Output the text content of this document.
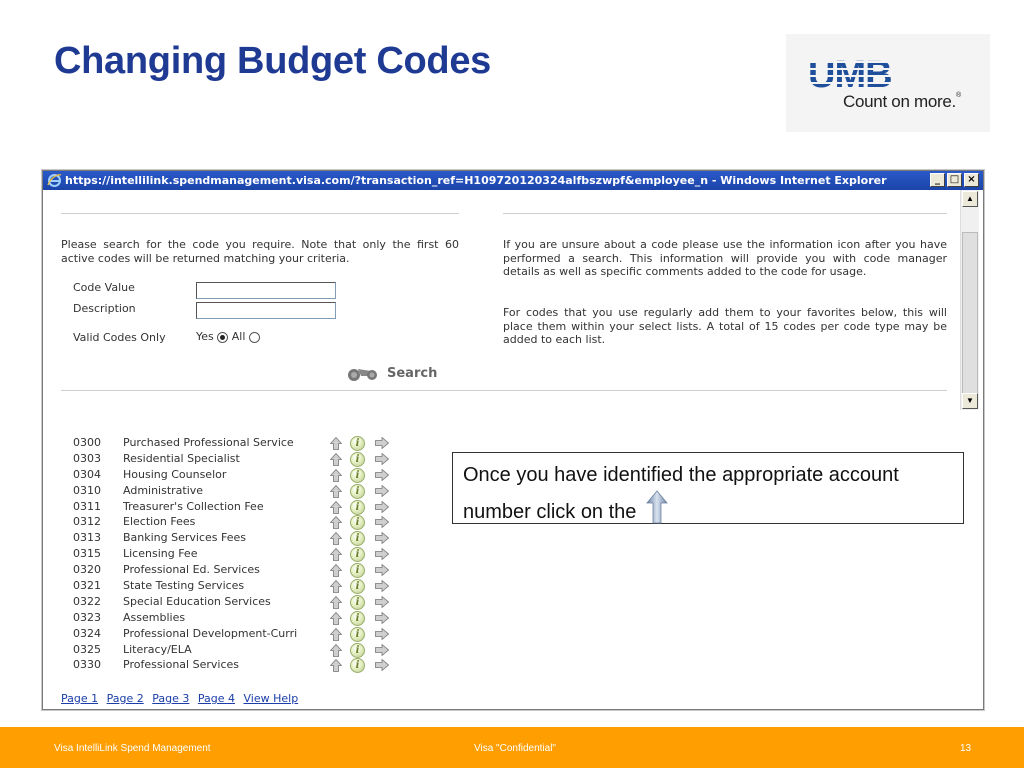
Changing Budget Codes	UMB
Count on more.®
https://intellilink.spendmanagement.visa.com/?transaction_ref=H109720120324alfbszwpf&employee_n - Windows Internet Explorer	_ □ ×
Please search for the code you require. Note that only the first 60 active codes will be returned matching your criteria.
Code Value
Description
Valid Codes Only	Yes All
Search
If you are unsure about a code please use the information icon after you have performed a search. This information will provide you with code manager details as well as specific comments added to the code for usage.
For codes that you use regularly add them to your favorites below, this will place them within your select lists. A total of 15 codes per code type may be added to each list.
0300	Purchased Professional Service	i
0303	Residential Specialist	i
0304	Housing Counselor	i
0310	Administrative	i
0311	Treasurer's Collection Fee	i
0312	Election Fees	i
0313	Banking Services Fees	i
0315	Licensing Fee	i
0320	Professional Ed. Services	i
0321	State Testing Services	i
0322	Special Education Services	i
0323	Assemblies	i
0324	Professional Development-Curri	i
0325	Literacy/ELA	i
0330	Professional Services	i
Page 1 Page 2 Page 3 Page 4 View Help
▲
▼
Once you have identified the appropriate account number click on the
Visa IntelliLink Spend Management	Visa "Confidential"	13
